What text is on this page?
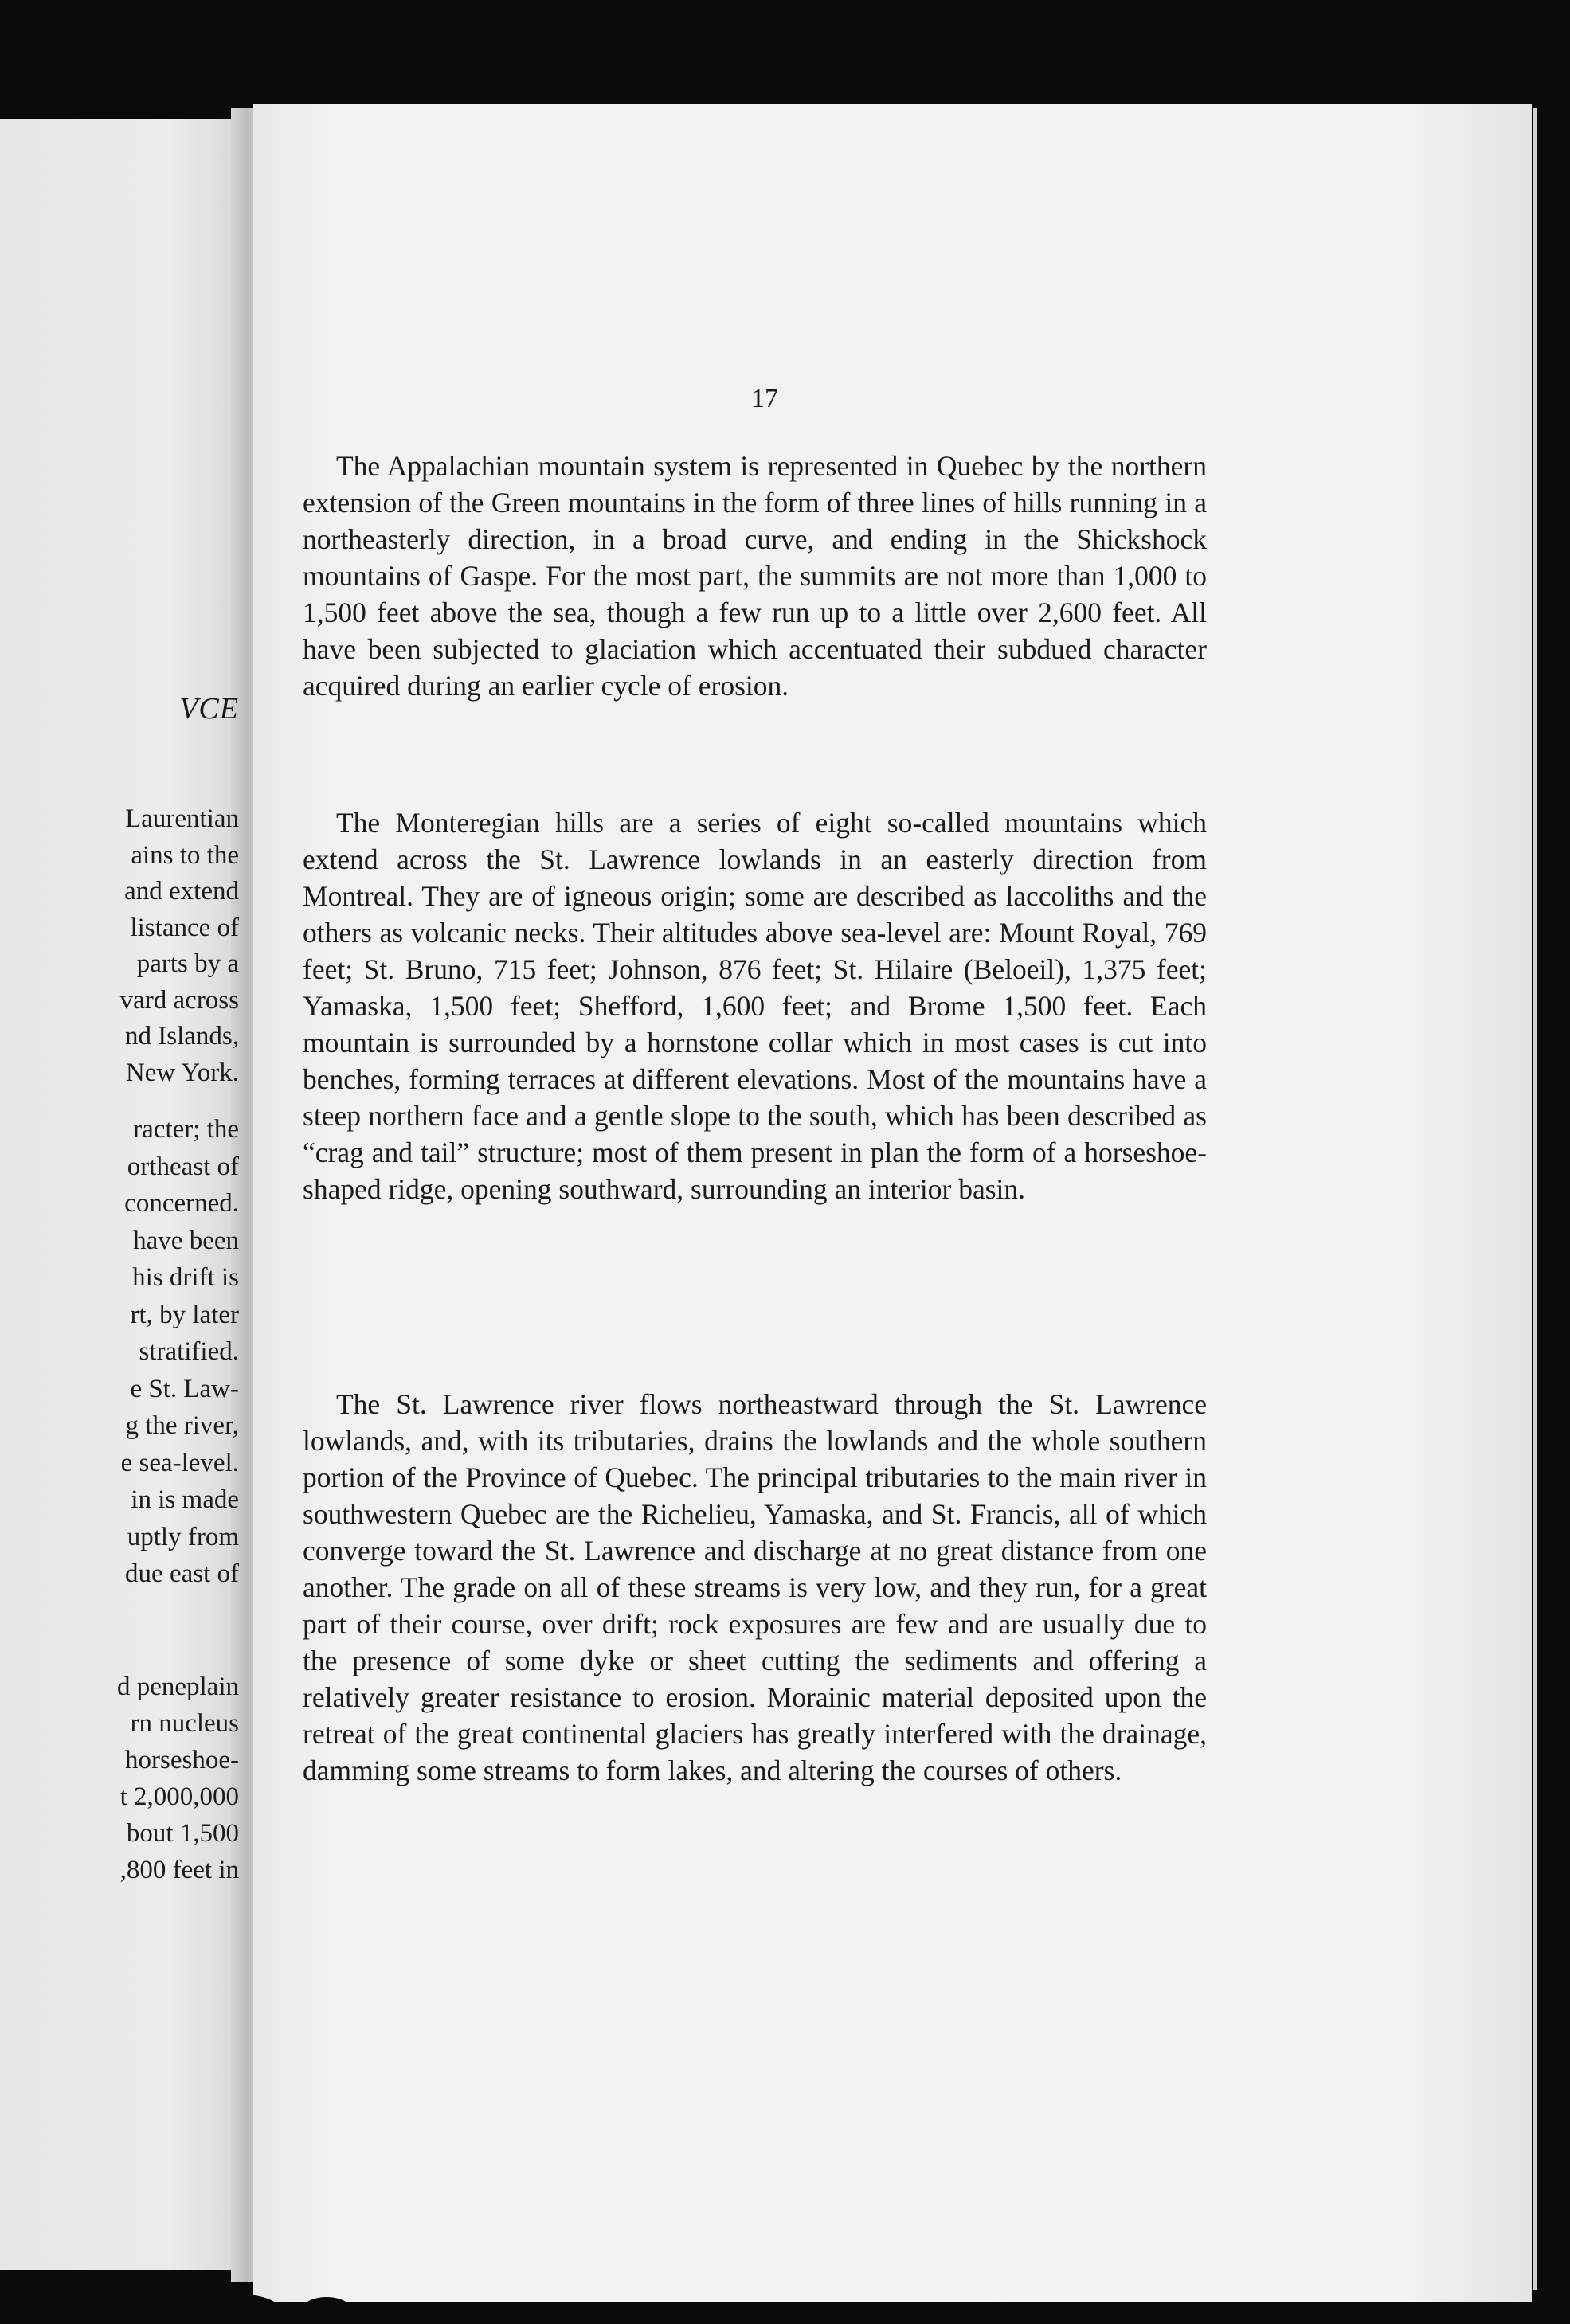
VCE

Laurentian

ains to the

and extend

listance of

parts by a

vard across

nd Islands,

New York.

racter; the

ortheast of

concerned.

have been

his drift is

rt, by later

stratified.

e St. Law-

g the river,

e sea-level.

in is made

uptly from

due east of

d peneplain

rn nucleus

horseshoe-

t 2,000,000

bout 1,500

,800 feet in

17

The Appalachian mountain system is represented in Quebec by the northern extension of the Green mountains in the form of three lines of hills running in a northeasterly direction, in a broad curve, and ending in the Shickshock mountains of Gaspe. For the most part, the summits are not more than 1,000 to 1,500 feet above the sea, though a few run up to a little over 2,600 feet. All have been subjected to glaciation which accentuated their subdued character acquired during an earlier cycle of erosion.

The Monteregian hills are a series of eight so-called mountains which extend across the St. Lawrence lowlands in an easterly direction from Montreal. They are of igneous origin; some are described as laccoliths and the others as volcanic necks. Their altitudes above sea-level are: Mount Royal, 769 feet; St. Bruno, 715 feet; Johnson, 876 feet; St. Hilaire (Beloeil), 1,375 feet; Yamaska, 1,500 feet; Shefford, 1,600 feet; and Brome 1,500 feet. Each mountain is surrounded by a hornstone collar which in most cases is cut into benches, forming terraces at different elevations. Most of the mountains have a steep northern face and a gentle slope to the south, which has been described as “crag and tail” structure; most of them present in plan the form of a horseshoe-shaped ridge, opening southward, surrounding an interior basin.

The St. Lawrence river flows northeastward through the St. Lawrence lowlands, and, with its tributaries, drains the lowlands and the whole southern portion of the Province of Quebec. The principal tributaries to the main river in southwestern Quebec are the Richelieu, Yamaska, and St. Francis, all of which converge toward the St. Lawrence and discharge at no great distance from one another. The grade on all of these streams is very low, and they run, for a great part of their course, over drift; rock exposures are few and are usually due to the presence of some dyke or sheet cutting the sediments and offering a relatively greater resistance to erosion. Morainic material deposited upon the retreat of the great continental glaciers has greatly interfered with the drainage, damming some streams to form lakes, and altering the courses of others.
